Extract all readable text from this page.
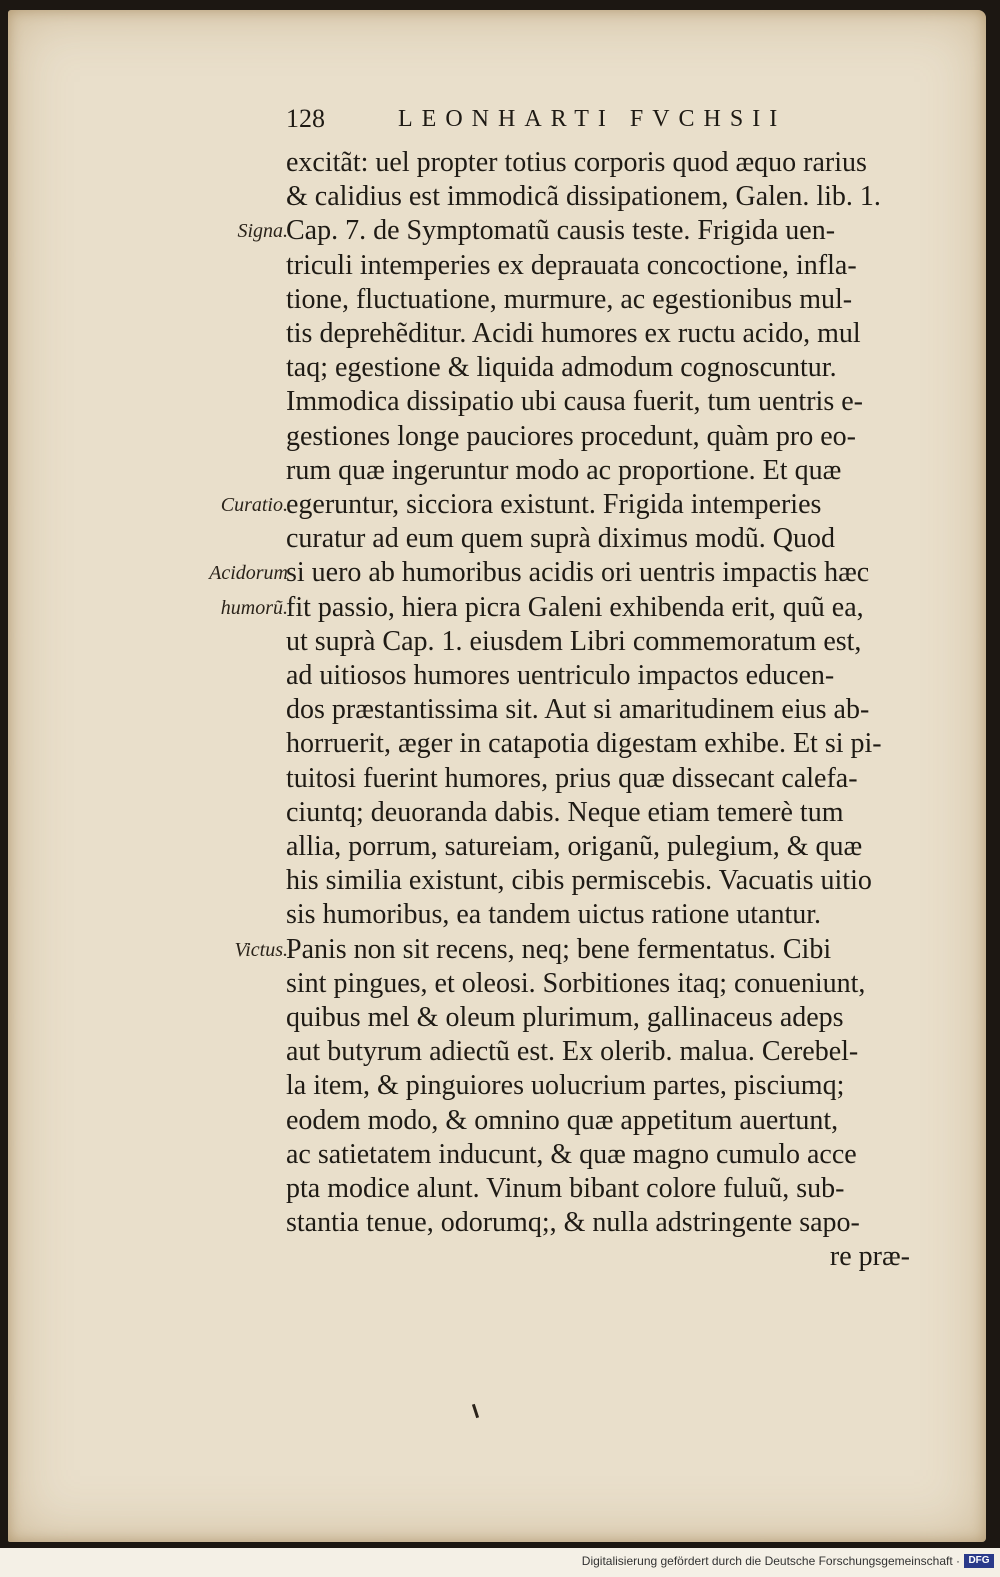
128	LEONHARTI FVCHSII
excitãt: uel propter totius corporis quod æquo rarius
& calidius est immodicã dissipationem, Galen. lib. 1.
Cap. 7. de Symptomatũ causis teste. Frigida uen-
triculi intemperies ex deprauata concoctione, infla-
tione, fluctuatione, murmure, ac egestionibus mul-
tis deprehẽditur. Acidi humores ex ructu acido, mul
taq; egestione & liquida admodum cognoscuntur.
Immodica dissipatio ubi causa fuerit, tum uentris e-
gestiones longe pauciores procedunt, quàm pro eo-
rum quæ ingeruntur modo ac proportione. Et quæ
egeruntur, sicciora existunt. Frigida intemperies
curatur ad eum quem suprà diximus modũ. Quod
si uero ab humoribus acidis ori uentris impactis hæc
fit passio, hiera picra Galeni exhibenda erit, quũ ea,
ut suprà Cap. 1. eiusdem Libri commemoratum est,
ad uitiosos humores uentriculo impactos educen-
dos præstantissima sit. Aut si amaritudinem eius ab-
horruerit, æger in catapotia digestam exhibe. Et si pi-
tuitosi fuerint humores, prius quæ dissecant calefa-
ciuntq; deuoranda dabis. Neque etiam temerè tum
allia, porrum, satureiam, origanũ, pulegium, & quæ
his similia existunt, cibis permiscebis. Vacuatis uitio
sis humoribus, ea tandem uictus ratione utantur.
Panis non sit recens, neq; bene fermentatus. Cibi
sint pingues, et oleosi. Sorbitiones itaq; conueniunt,
quibus mel & oleum plurimum, gallinaceus adeps
aut butyrum adiectũ est. Ex olerib. malua. Cerebel-
la item, & pinguiores uolucrium partes, pisciumq;
eodem modo, & omnino quæ appetitum auertunt,
ac satietatem inducunt, & quæ magno cumulo acce
pta modice alunt. Vinum bibant colore fuluũ, sub-
stantia tenue, odorumq;, & nulla adstringente sapo-
re præ-
Signa.
Curatio.
Acidorum
humorũ.
Victus.
Digitalisierung gefördert durch die Deutsche Forschungsgemeinschaft · DFG
